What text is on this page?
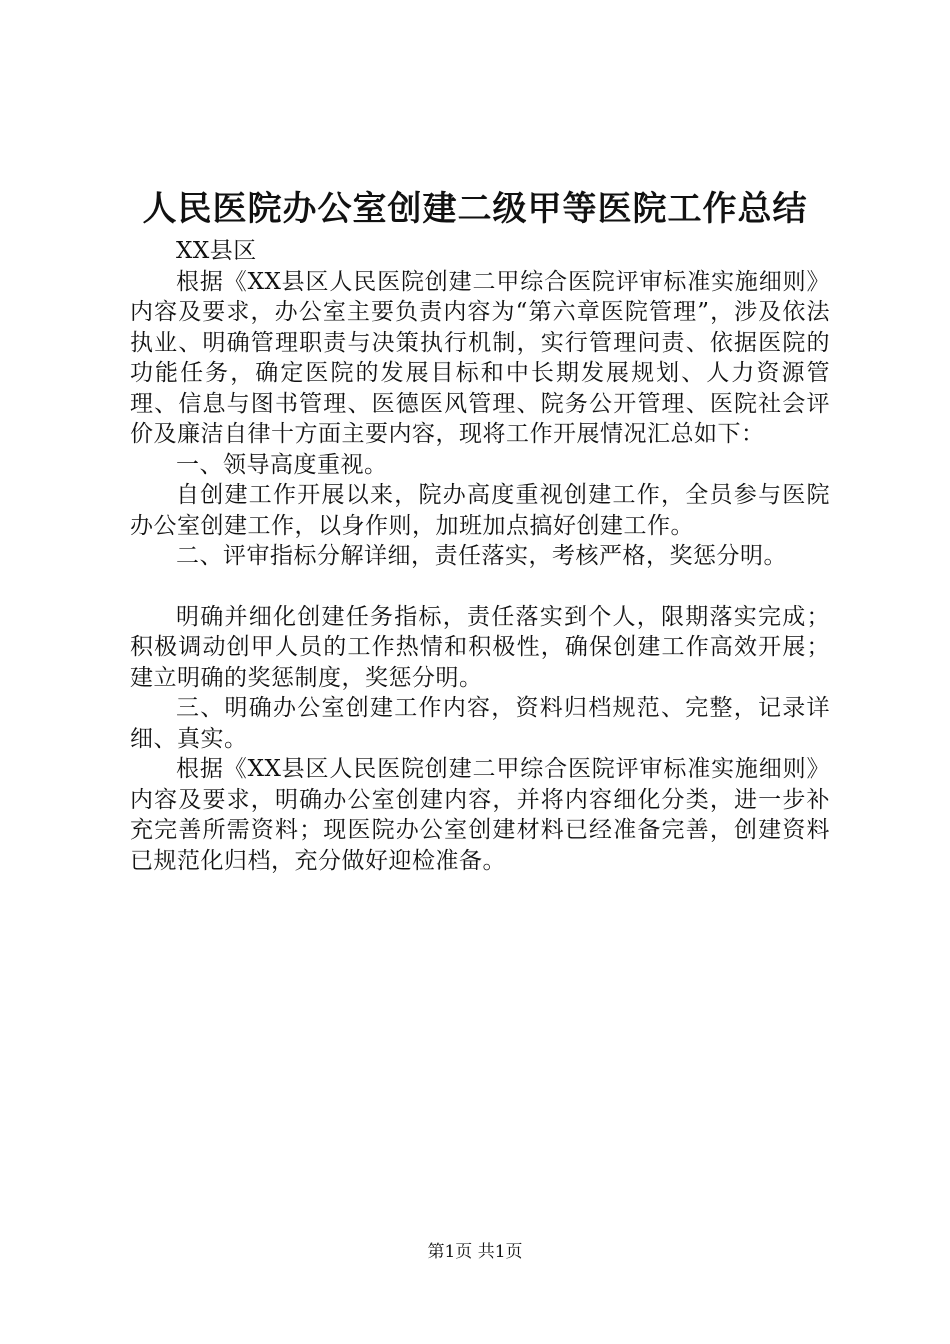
人民医院办公室创建二级甲等医院工作总结

XX县区

根据《XX县区人民医院创建二甲综合医院评审标准实施细则》内容及要求，办公室主要负责内容为“第六章医院管理”，涉及依法执业、明确管理职责与决策执行机制，实行管理问责、依据医院的功能任务，确定医院的发展目标和中长期发展规划、人力资源管理、信息与图书管理、医德医风管理、院务公开管理、医院社会评价及廉洁自律十方面主要内容，现将工作开展情况汇总如下：

一、领导高度重视。

自创建工作开展以来，院办高度重视创建工作，全员参与医院办公室创建工作，以身作则，加班加点搞好创建工作。

二、评审指标分解详细，责任落实，考核严格，奖惩分明。

明确并细化创建任务指标，责任落实到个人，限期落实完成；积极调动创甲人员的工作热情和积极性，确保创建工作高效开展；建立明确的奖惩制度，奖惩分明。

三、明确办公室创建工作内容，资料归档规范、完整，记录详细、真实。

根据《XX县区人民医院创建二甲综合医院评审标准实施细则》内容及要求，明确办公室创建内容，并将内容细化分类，进一步补充完善所需资料；现医院办公室创建材料已经准备完善，创建资料已规范化归档，充分做好迎检准备。

第1页 共1页
